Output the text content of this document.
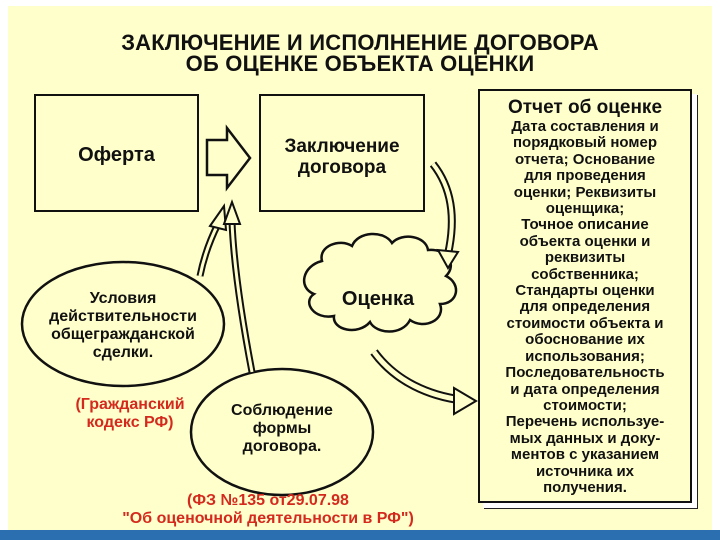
ЗАКЛЮЧЕНИЕ И ИСПОЛНЕНИЕ ДОГОВОРА
ОБ ОЦЕНКЕ ОБЪЕКТА ОЦЕНКИ
Оферта	Заключение
договора
Отчет об оценке
Дата составления и
порядковый номер
отчета; Основание
для проведения
оценки; Реквизиты
оценщика;
Точное описание
объекта оценки и
реквизиты
собственника;
Стандарты оценки
для определения
стоимости объекта и
обоснование их
использования;
Последовательность
и дата определения
стоимости;
Перечень используе-
мых данных и доку-
ментов с указанием
источника их
получения.
Оценка
Условия
действительности
общегражданской
сделки.
Соблюдение
формы
договора.
(Гражданский
кодекс РФ)
(ФЗ №135 от29.07.98
"Об оценочной деятельности в РФ")
